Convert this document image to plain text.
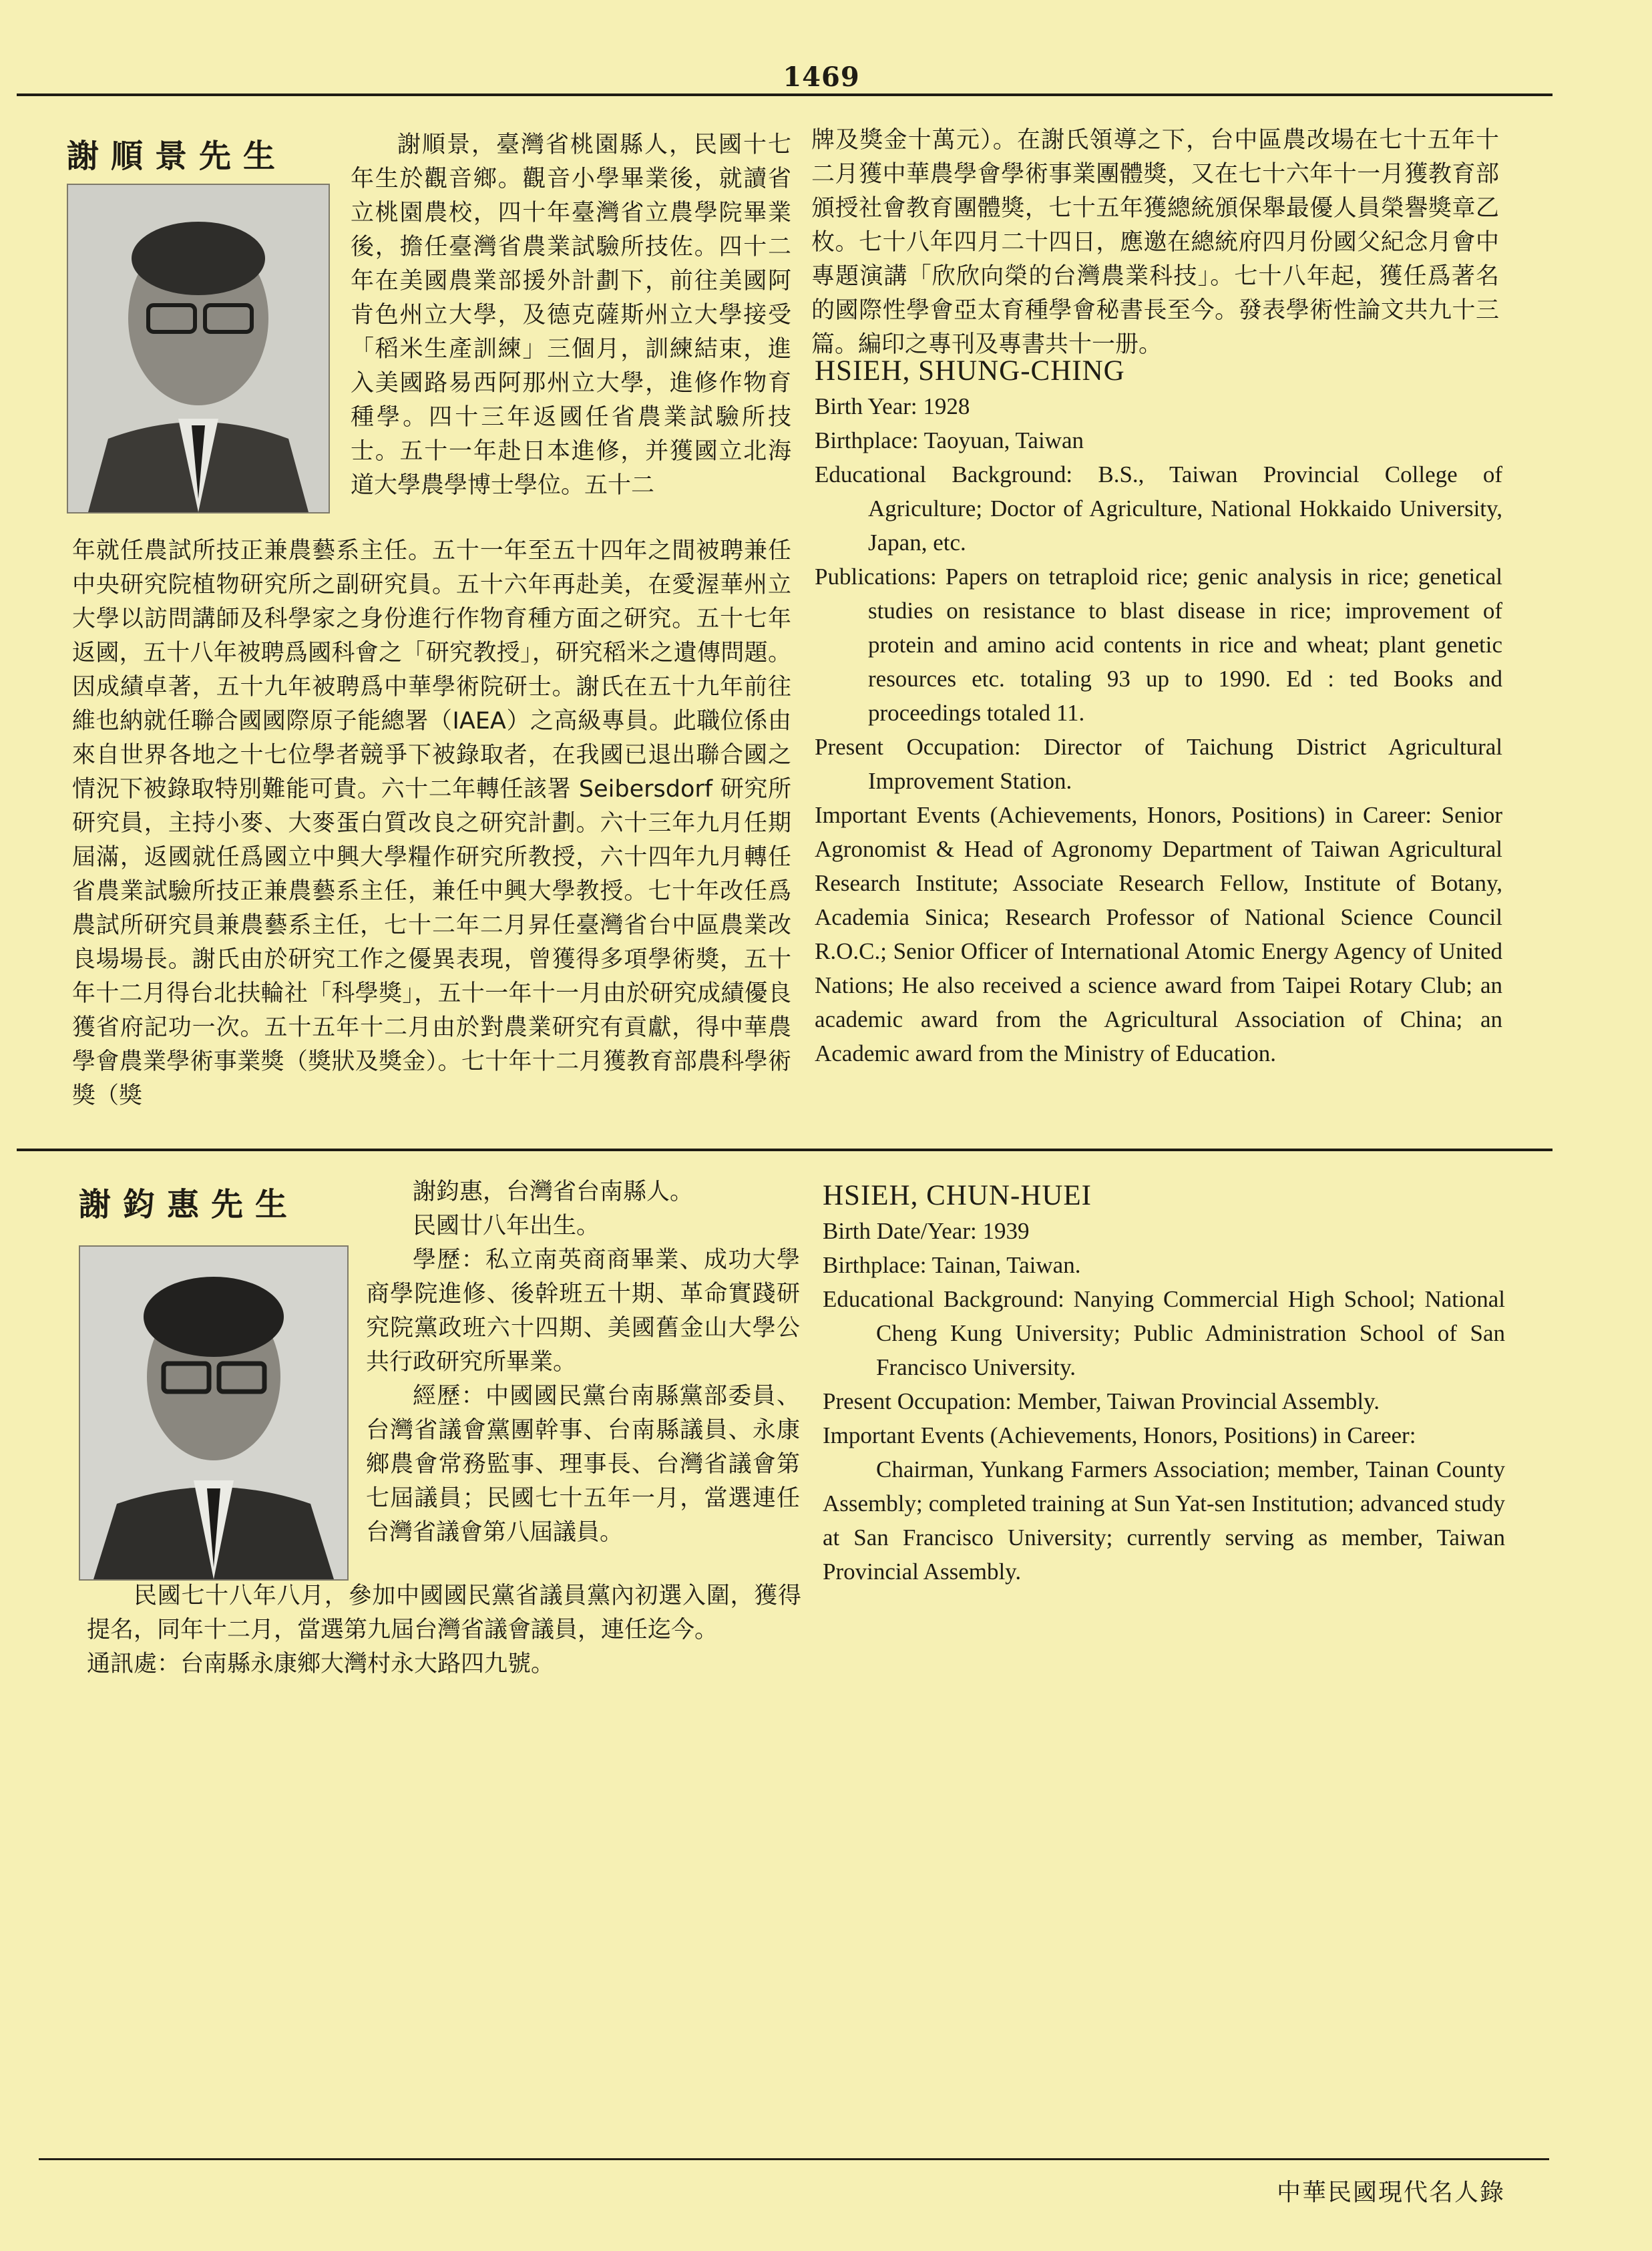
1469
謝順景先生	謝順景，臺灣省桃園縣人，民國十七年生於觀音鄉。觀音小學畢業後，就讀省立桃園農校，四十年臺灣省立農學院畢業後，擔任臺灣省農業試驗所技佐。四十二年在美國農業部援外計劃下，前往美國阿肯色州立大學，及德克薩斯州立大學接受「稻米生產訓練」三個月，訓練結束，進入美國路易西阿那州立大學，進修作物育種學。四十三年返國任省農業試驗所技士。五十一年赴日本進修，并獲國立北海道大學農學博士學位。五十二

年就任農試所技正兼農藝系主任。五十一年至五十四年之間被聘兼任中央研究院植物研究所之副研究員。五十六年再赴美，在愛渥華州立大學以訪問講師及科學家之身份進行作物育種方面之研究。五十七年返國，五十八年被聘爲國科會之「研究教授」，研究稻米之遺傳問題。因成績卓著，五十九年被聘爲中華學術院研士。謝氏在五十九年前往維也納就任聯合國國際原子能總署（IAEA）之高級專員。此職位係由來自世界各地之十七位學者競爭下被錄取者，在我國已退出聯合國之情況下被錄取特別難能可貴。六十二年轉任該署 Seibersdorf 研究所研究員，主持小麥、大麥蛋白質改良之研究計劃。六十三年九月任期屆滿，返國就任爲國立中興大學糧作研究所教授，六十四年九月轉任省農業試驗所技正兼農藝系主任，兼任中興大學教授。七十年改任爲農試所研究員兼農藝系主任，七十二年二月昇任臺灣省台中區農業改良場場長。謝氏由於研究工作之優異表現，曾獲得多項學術獎，五十年十二月得台北扶輪社「科學獎」，五十一年十一月由於研究成績優良獲省府記功一次。五十五年十二月由於對農業研究有貢獻，得中華農學會農業學術事業獎（獎狀及獎金）。七十年十二月獲教育部農科學術獎（獎

牌及獎金十萬元）。在謝氏領導之下，台中區農改場在七十五年十二月獲中華農學會學術事業團體獎，又在七十六年十一月獲教育部頒授社會教育團體獎，七十五年獲總統頒保舉最優人員榮譽獎章乙枚。七十八年四月二十四日，應邀在總統府四月份國父紀念月會中專題演講「欣欣向榮的台灣農業科技」。七十八年起，獲任爲著名的國際性學會亞太育種學會秘書長至今。發表學術性論文共九十三篇。編印之專刊及專書共十一册。

HSIEH, SHUNG-CHING

Birth Year: 1928

Birthplace: Taoyuan, Taiwan

Educational Background: B.S., Taiwan Provincial College of Agriculture; Doctor of Agriculture, National Hokkaido University, Japan, etc.

Publications: Papers on tetraploid rice; genic analysis in rice; genetical studies on resistance to blast disease in rice; improvement of protein and amino acid contents in rice and wheat; plant genetic resources etc. totaling 93 up to 1990. Ed : ted Books and proceedings totaled 11.

Present Occupation: Director of Taichung District Agricultural Improvement Station.

Important Events (Achievements, Honors, Positions) in Career: Senior Agronomist & Head of Agronomy Department of Taiwan Agricultural Research Institute; Associate Research Fellow, Institute of Botany, Academia Sinica; Research Professor of National Science Council R.O.C.; Senior Officer of International Atomic Energy Agency of United Nations; He also received a science award from Taipei Rotary Club; an academic award from the Agricultural Association of China; an Academic award from the Ministry of Education.

謝鈞惠先生	謝鈞惠，台灣省台南縣人。

民國廿八年出生。

學歷：私立南英商商畢業、成功大學商學院進修、後幹班五十期、革命實踐研究院黨政班六十四期、美國舊金山大學公共行政研究所畢業。

經歷：中國國民黨台南縣黨部委員、台灣省議會黨團幹事、台南縣議員、永康鄉農會常務監事、理事長、台灣省議會第七屆議員；民國七十五年一月，當選連任台灣省議會第八屆議員。

民國七十八年八月，參加中國國民黨省議員黨內初選入圍，獲得提名，同年十二月，當選第九屆台灣省議會議員，連任迄今。

通訊處：台南縣永康鄉大灣村永大路四九號。

HSIEH, CHUN-HUEI

Birth Date/Year: 1939

Birthplace: Tainan, Taiwan.

Educational Background: Nanying Commercial High School; National Cheng Kung University; Public Administration School of San Francisco University.

Present Occupation: Member, Taiwan Provincial Assembly.

Important Events (Achievements, Honors, Positions) in Career:

Chairman, Yunkang Farmers Association; member, Tainan County Assembly; completed training at Sun Yat-sen Institution; advanced study at San Francisco University; currently serving as member, Taiwan Provincial Assembly.

中華民國現代名人錄
